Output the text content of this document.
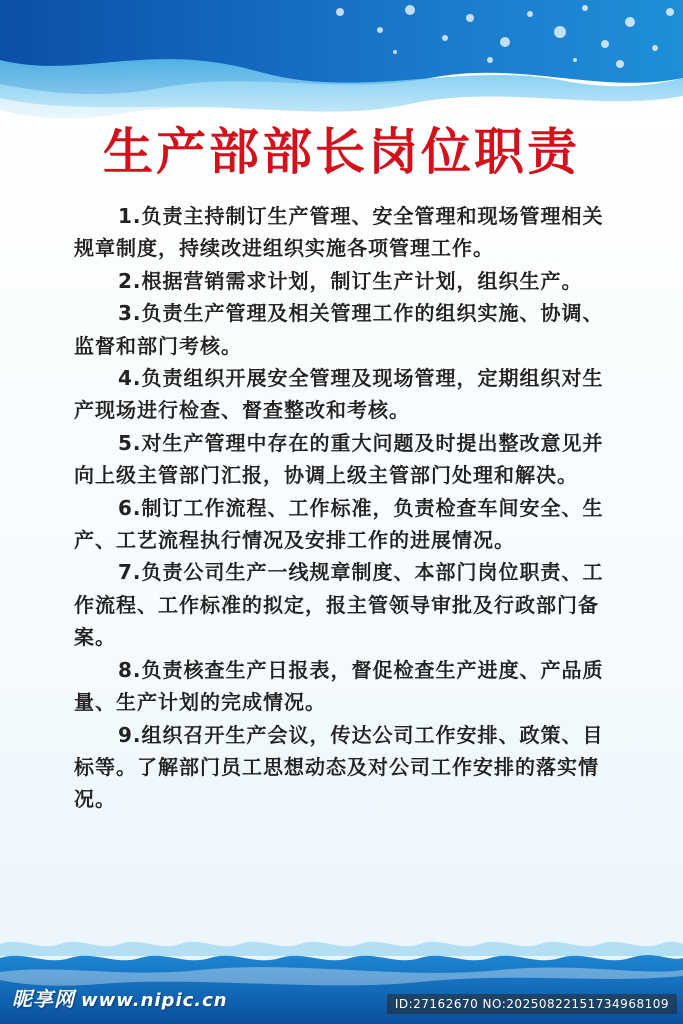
生产部部长岗位职责

1.负责主持制订生产管理、安全管理和现场管理相关规章制度，持续改进组织实施各项管理工作。

2.根据营销需求计划，制订生产计划，组织生产。

3.负责生产管理及相关管理工作的组织实施、协调、监督和部门考核。

4.负责组织开展安全管理及现场管理，定期组织对生产现场进行检查、督查整改和考核。

5.对生产管理中存在的重大问题及时提出整改意见并向上级主管部门汇报，协调上级主管部门处理和解决。

6.制订工作流程、工作标准，负责检查车间安全、生产、工艺流程执行情况及安排工作的进展情况。

7.负责公司生产一线规章制度、本部门岗位职责、工作流程、工作标准的拟定，报主管领导审批及行政部门备案。

8.负责核查生产日报表，督促检查生产进度、产品质量、生产计划的完成情况。

9.组织召开生产会议，传达公司工作安排、政策、目标等。了解部门员工思想动态及对公司工作安排的落实情况。

昵享网 www.nipic.cn	ID:27162670 NO:20250822151734968109
